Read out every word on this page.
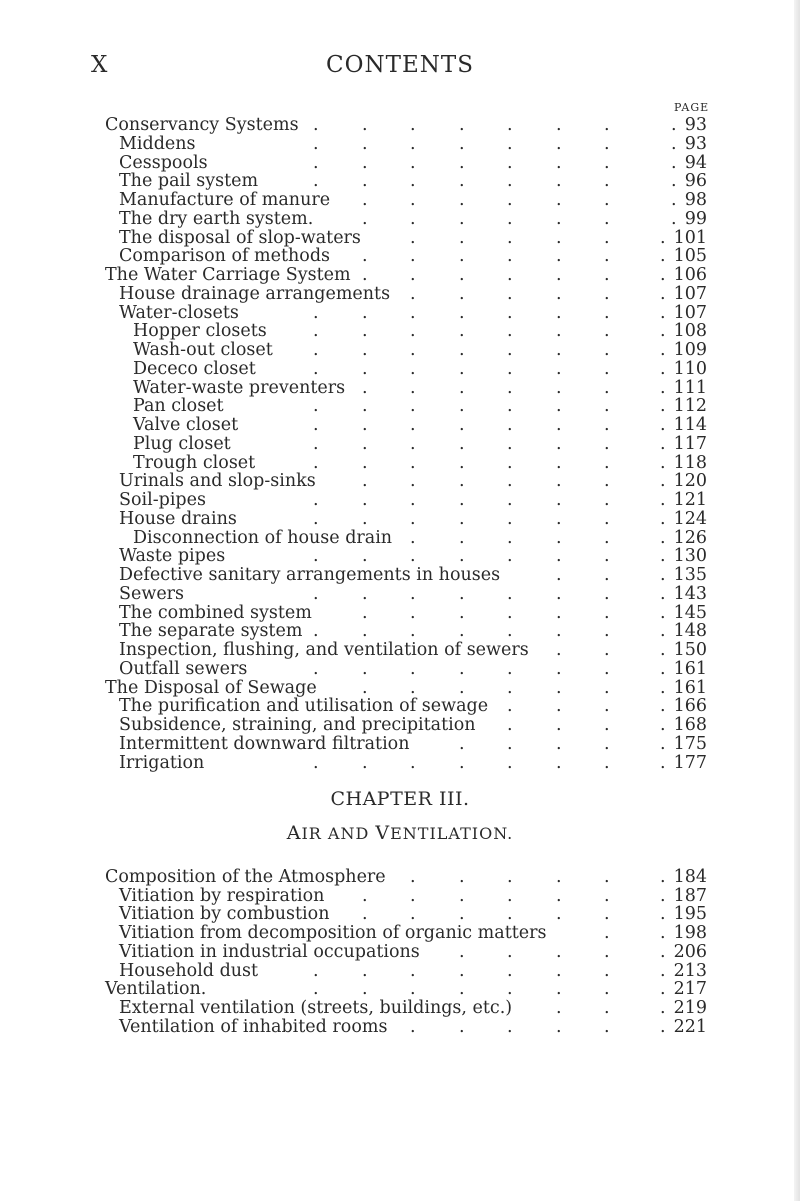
X	CONTENTS
PAGE
Conservancy Systems	93
. . . . . . .	.
Middens	93
. . . . . . .	.
Cesspools	94
. . . . . . .	.
The pail system	96
. . . . . . .	.
Manufacture of manure	98
. . . . . .	.
The dry earth system.	99
. . . . . .	.
The disposal of slop-waters	101
. . . . .	.
Comparison of methods	105
. . . . . .	.
The Water Carriage System	106
. . . . . .	.
House drainage arrangements	107
. . . . .	.
Water-closets	107
. . . . . . .	.
Hopper closets	108
. . . . . . .	.
Wash-out closet	109
. . . . . . .	.
Dececo closet	110
. . . . . . .	.
Water-waste preventers	111
. . . . . .	.
Pan closet	112
. . . . . . .	.
Valve closet	114
. . . . . . .	.
Plug closet	117
. . . . . . .	.
Trough closet	118
. . . . . . .	.
Urinals and slop-sinks	120
. . . . . .	.
Soil-pipes	121
. . . . . . .	.
House drains	124
. . . . . . .	.
Disconnection of house drain	126
. . . . .	.
Waste pipes	130
. . . . . . .	.
Defective sanitary arrangements in houses	135
. .	.
Sewers	143
. . . . . . .	.
The combined system	145
. . . . . .	.
The separate system	148
. . . . . . .	.
Inspection, flushing, and ventilation of sewers	150
. .	.
Outfall sewers	161
. . . . . . .	.
The Disposal of Sewage	161
. . . . . .	.
The purification and utilisation of sewage	166
. . .	.
Subsidence, straining, and precipitation	168
. . .	.
Intermittent downward filtration	175
. . . .	.
Irrigation	177
. . . . . . .	.
CHAPTER III.
AIR AND VENTILATION.
Composition of the Atmosphere	184
. . . . .	.
Vitiation by respiration	187
. . . . . .	.
Vitiation by combustion	195
. . . . . .	.
Vitiation from decomposition of organic matters	198
.	.
Vitiation in industrial occupations	206
. . . .	.
Household dust	213
. . . . . . .	.
Ventilation.	217
. . . . . . .	.
External ventilation (streets, buildings, etc.)	219
. .	.
Ventilation of inhabited rooms	221
. . . . .	.
